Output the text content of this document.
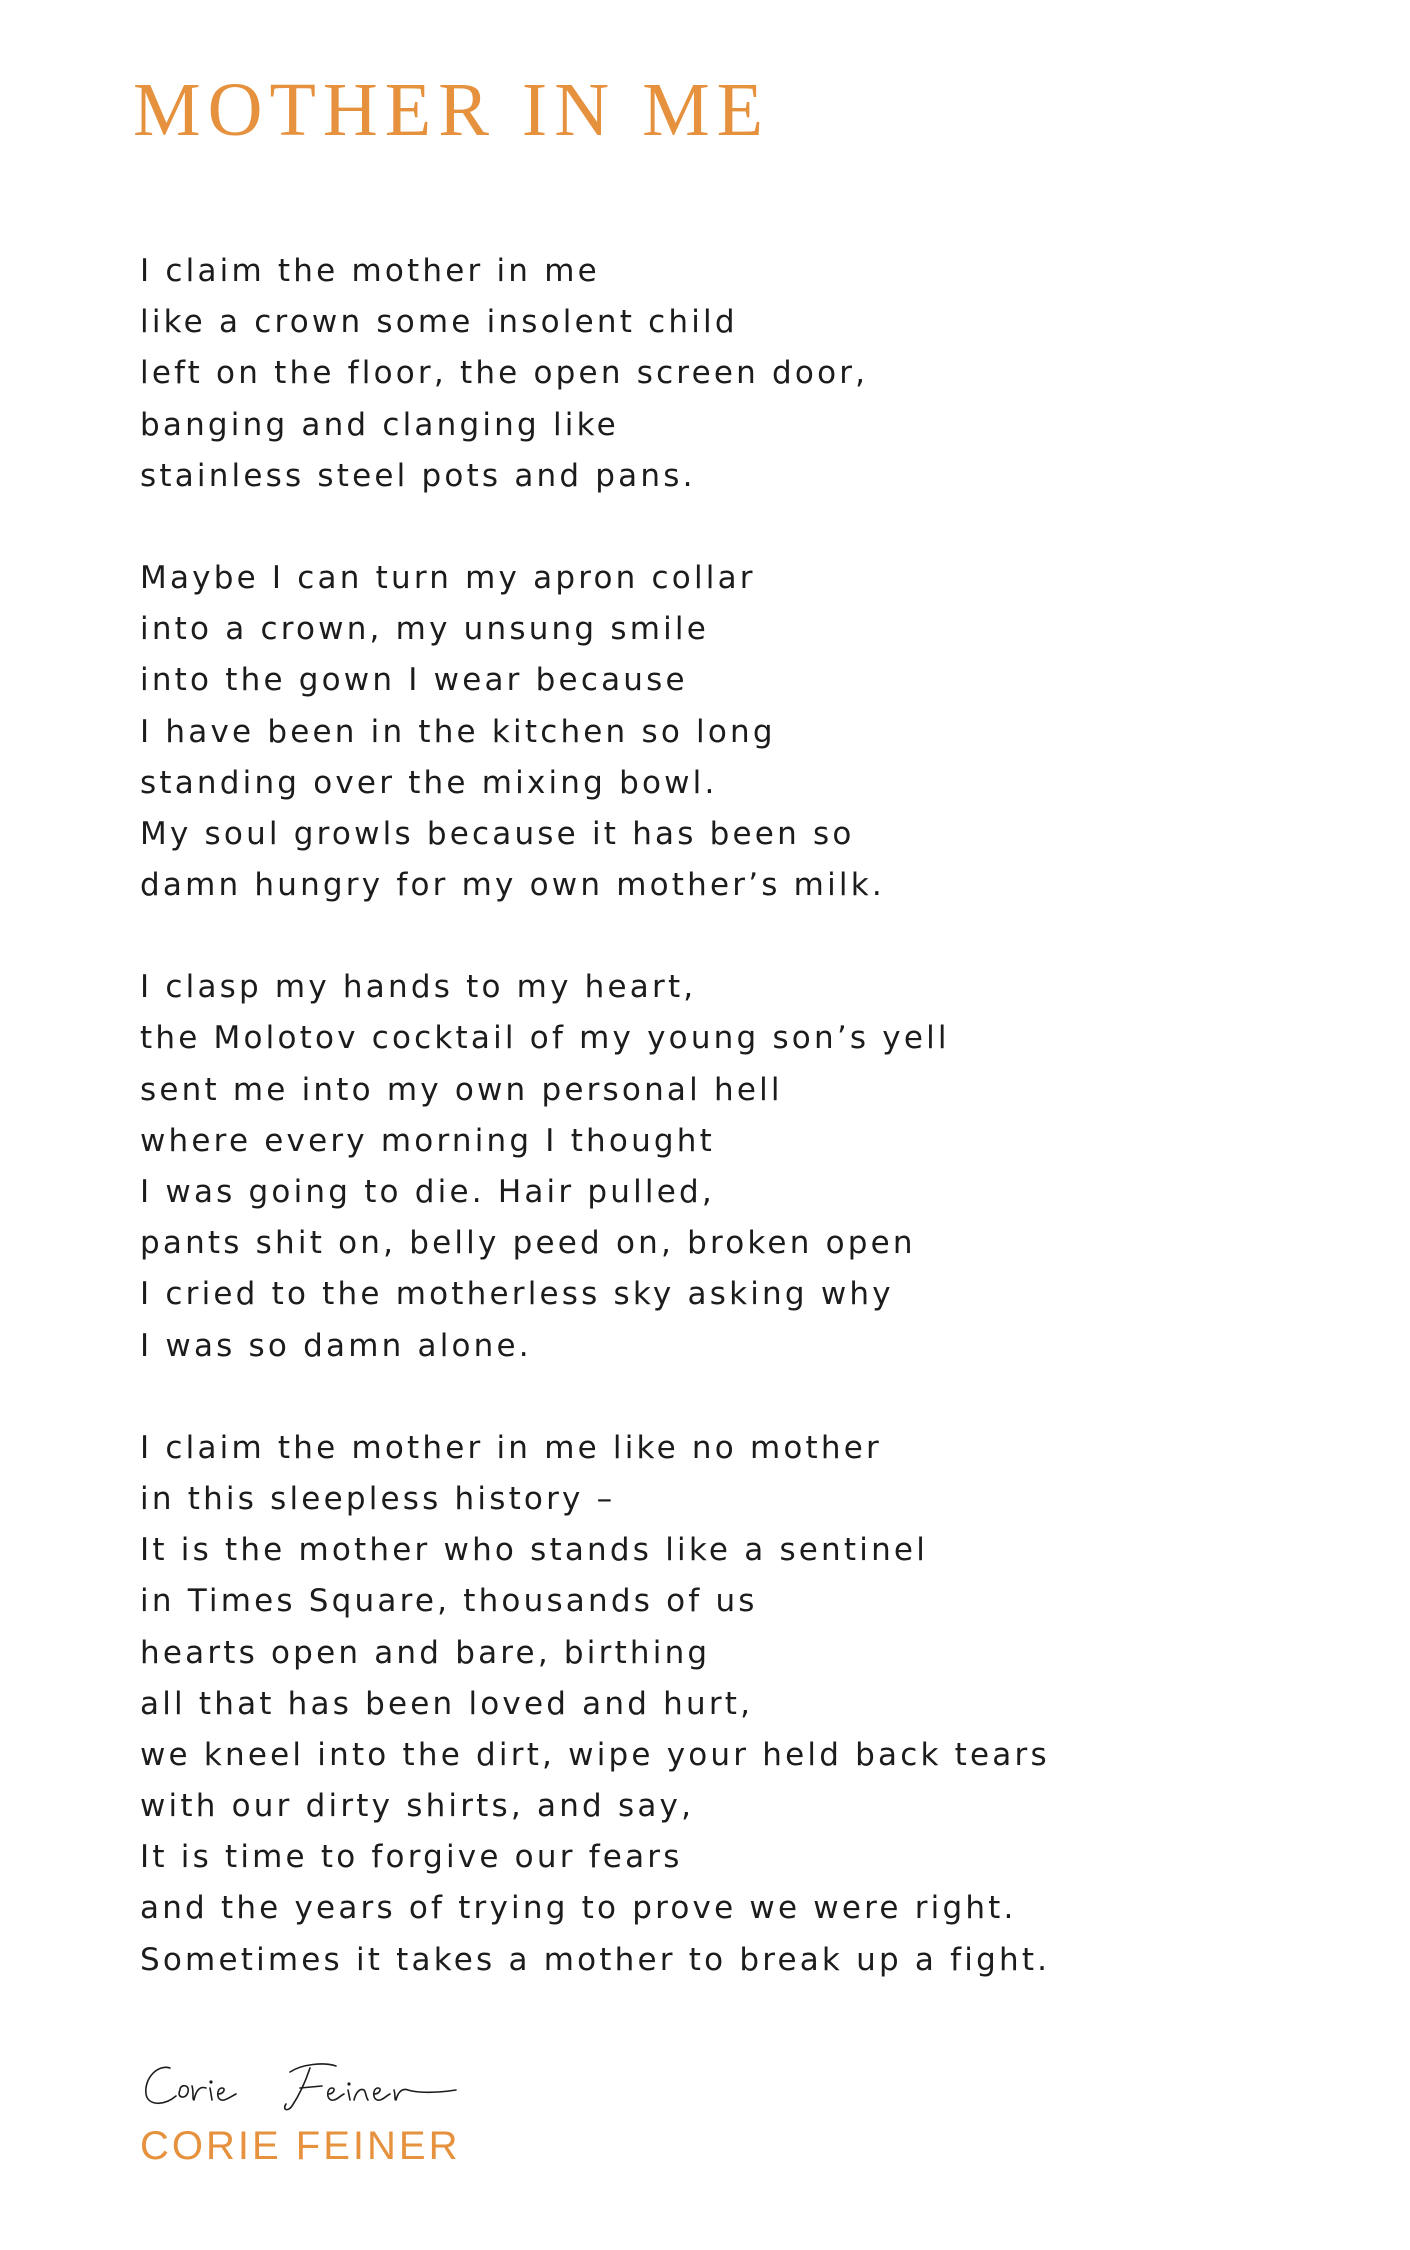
MOTHER IN ME
I claim the mother in me
like a crown some insolent child
left on the floor, the open screen door,
banging and clanging like
stainless steel pots and pans.
Maybe I can turn my apron collar
into a crown, my unsung smile
into the gown I wear because
I have been in the kitchen so long
standing over the mixing bowl.
My soul growls because it has been so
damn hungry for my own mother’s milk.
I clasp my hands to my heart,
the Molotov cocktail of my young son’s yell
sent me into my own personal hell
where every morning I thought
I was going to die. Hair pulled,
pants shit on, belly peed on, broken open
I cried to the motherless sky asking why
I was so damn alone.
I claim the mother in me like no mother
in this sleepless history –
It is the mother who stands like a sentinel
in Times Square, thousands of us
hearts open and bare, birthing
all that has been loved and hurt,
we kneel into the dirt, wipe your held back tears
with our dirty shirts, and say,
It is time to forgive our fears
and the years of trying to prove we were right.
Sometimes it takes a mother to break up a fight.
CORIE FEINER
